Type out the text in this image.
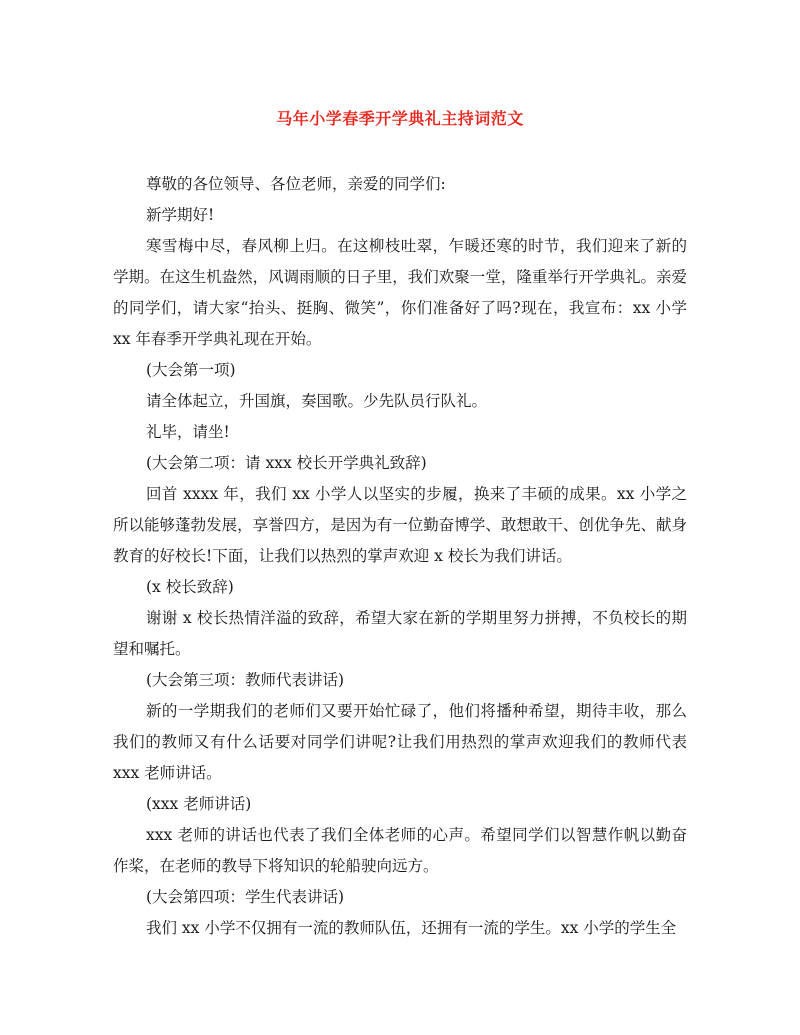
马年小学春季开学典礼主持词范文

尊敬的各位领导、各位老师，亲爱的同学们:

新学期好!

寒雪梅中尽，春风柳上归。在这柳枝吐翠，乍暖还寒的时节，我们迎来了新的学期。在这生机盎然，风调雨顺的日子里，我们欢聚一堂，隆重举行开学典礼。亲爱的同学们，请大家“抬头、挺胸、微笑”，你们准备好了吗?现在，我宣布：xx 小学 xx 年春季开学典礼现在开始。

(大会第一项)

请全体起立，升国旗，奏国歌。少先队员行队礼。

礼毕，请坐!

(大会第二项：请 xxx 校长开学典礼致辞)

回首 xxxx 年，我们 xx 小学人以坚实的步履，换来了丰硕的成果。xx 小学之所以能够蓬勃发展，享誉四方，是因为有一位勤奋博学、敢想敢干、创优争先、献身教育的好校长!下面，让我们以热烈的掌声欢迎 x 校长为我们讲话。

(x 校长致辞)

谢谢 x 校长热情洋溢的致辞，希望大家在新的学期里努力拼搏，不负校长的期望和嘱托。

(大会第三项：教师代表讲话)

新的一学期我们的老师们又要开始忙碌了，他们将播种希望，期待丰收，那么我们的教师又有什么话要对同学们讲呢?让我们用热烈的掌声欢迎我们的教师代表 xxx 老师讲话。

(xxx 老师讲话)

xxx 老师的讲话也代表了我们全体老师的心声。希望同学们以智慧作帆以勤奋作桨，在老师的教导下将知识的轮船驶向远方。

(大会第四项：学生代表讲话)

我们 xx 小学不仅拥有一流的教师队伍，还拥有一流的学生。xx 小学的学生全
